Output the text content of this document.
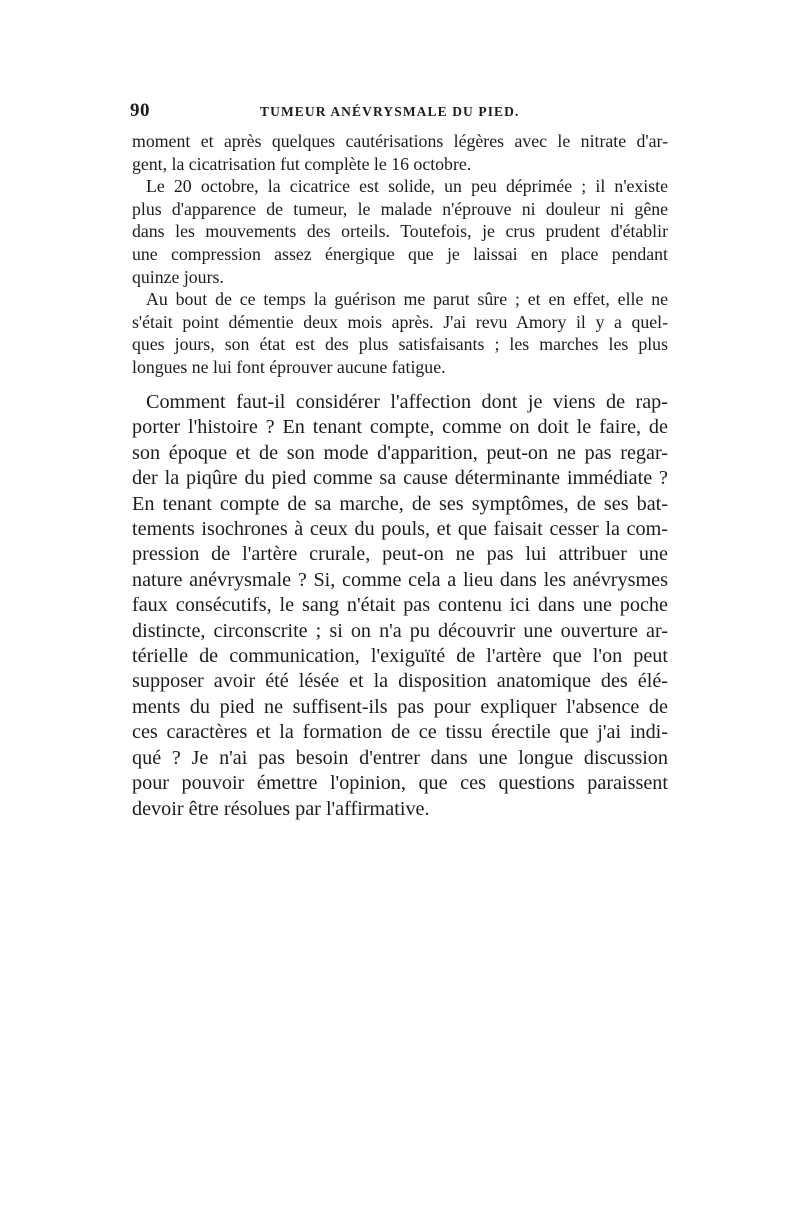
90	TUMEUR ANÉVRYSMALE DU PIED.
moment et après quelques cautérisations légères avec le nitrate d'ar-
gent, la cicatrisation fut complète le 16 octobre.
Le 20 octobre, la cicatrice est solide, un peu déprimée ; il n'existe
plus d'apparence de tumeur, le malade n'éprouve ni douleur ni gêne
dans les mouvements des orteils. Toutefois, je crus prudent d'établir
une compression assez énergique que je laissai en place pendant
quinze jours.
Au bout de ce temps la guérison me parut sûre ; et en effet, elle ne
s'était point démentie deux mois après. J'ai revu Amory il y a quel-
ques jours, son état est des plus satisfaisants ; les marches les plus
longues ne lui font éprouver aucune fatigue.
Comment faut-il considérer l'affection dont je viens de rap-
porter l'histoire ? En tenant compte, comme on doit le faire, de
son époque et de son mode d'apparition, peut-on ne pas regar-
der la piqûre du pied comme sa cause déterminante immédiate ?
En tenant compte de sa marche, de ses symptômes, de ses bat-
tements isochrones à ceux du pouls, et que faisait cesser la com-
pression de l'artère crurale, peut-on ne pas lui attribuer une
nature anévrysmale ? Si, comme cela a lieu dans les anévrysmes
faux consécutifs, le sang n'était pas contenu ici dans une poche
distincte, circonscrite ; si on n'a pu découvrir une ouverture ar-
térielle de communication, l'exiguïté de l'artère que l'on peut
supposer avoir été lésée et la disposition anatomique des élé-
ments du pied ne suffisent-ils pas pour expliquer l'absence de
ces caractères et la formation de ce tissu érectile que j'ai indi-
qué ? Je n'ai pas besoin d'entrer dans une longue discussion
pour pouvoir émettre l'opinion, que ces questions paraissent
devoir être résolues par l'affirmative.
